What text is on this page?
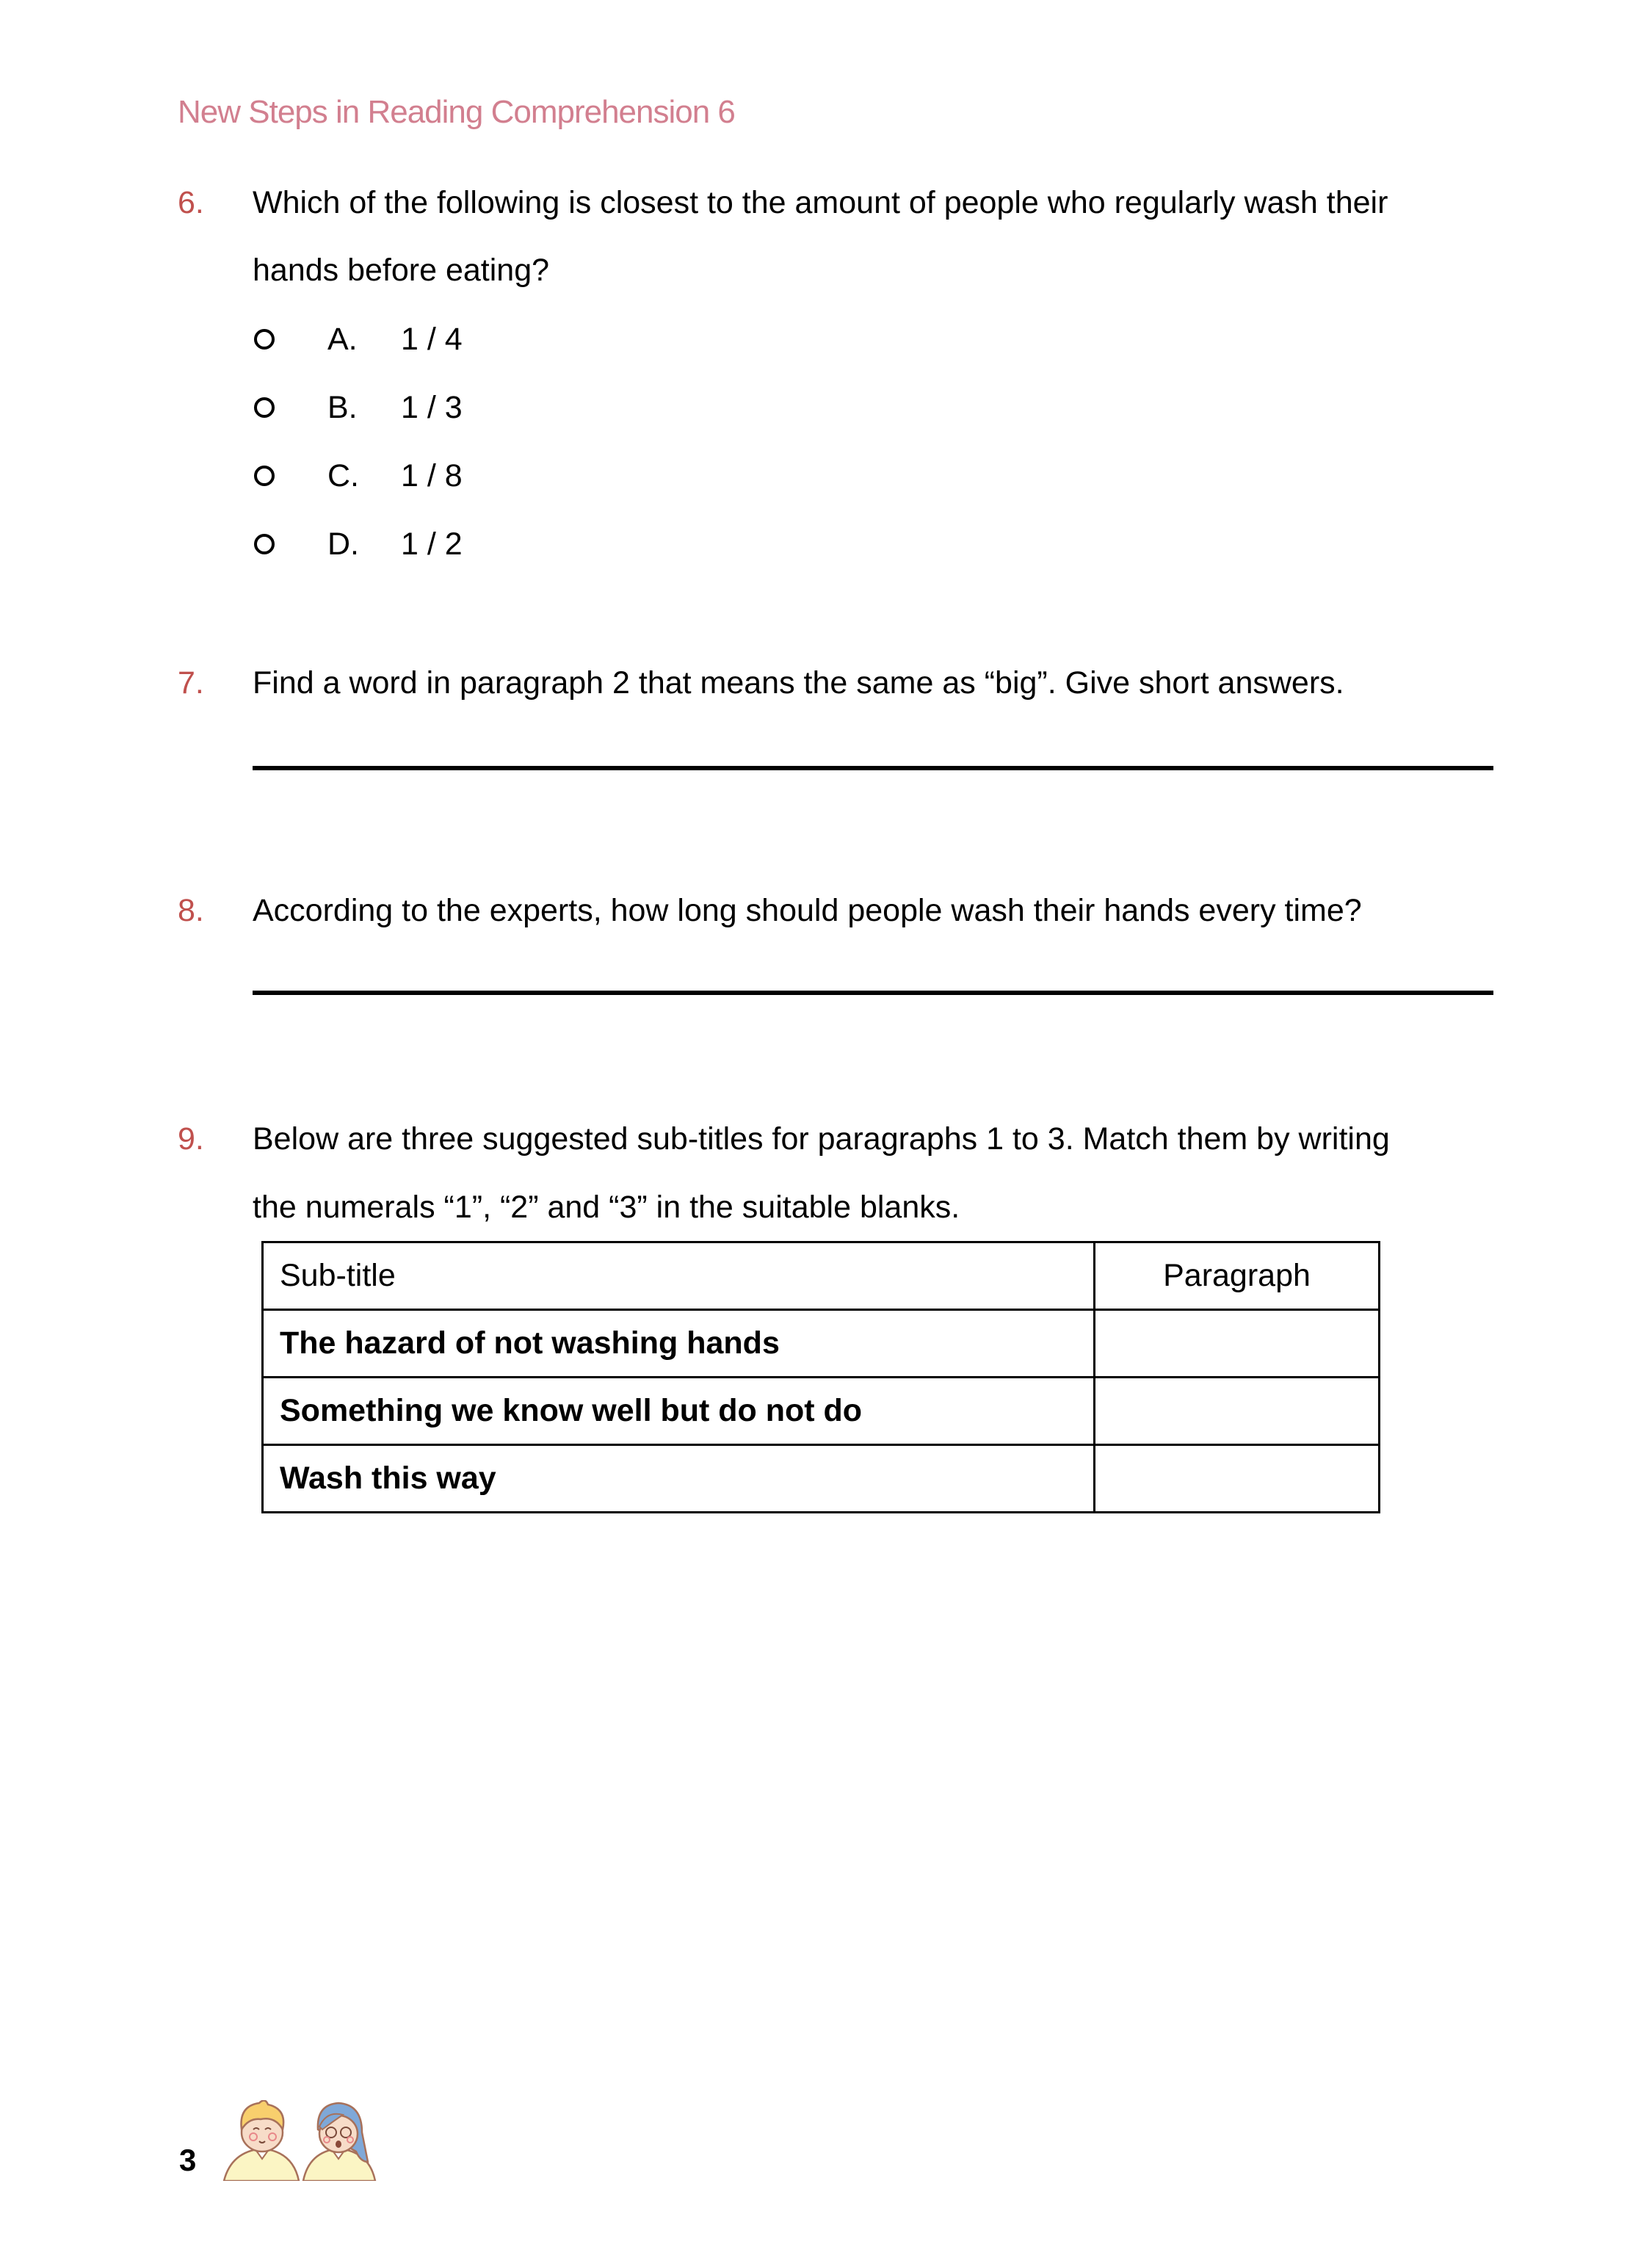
New Steps in Reading Comprehension 6
6.	Which of the following is closest to the amount of people who regularly wash their
hands before eating?
A. 1 / 4
B. 1 / 3
C. 1 / 8
D. 1 / 2
7.	Find a word in paragraph 2 that means the same as “big”. Give short answers.
8.	According to the experts, how long should people wash their hands every time?
9.	Below are three suggested sub-titles for paragraphs 1 to 3. Match them by writing
the numerals “1”, “2” and “3” in the suitable blanks.
Sub-title	Paragraph
The hazard of not washing hands	
Something we know well but do not do	
Wash this way	
3
